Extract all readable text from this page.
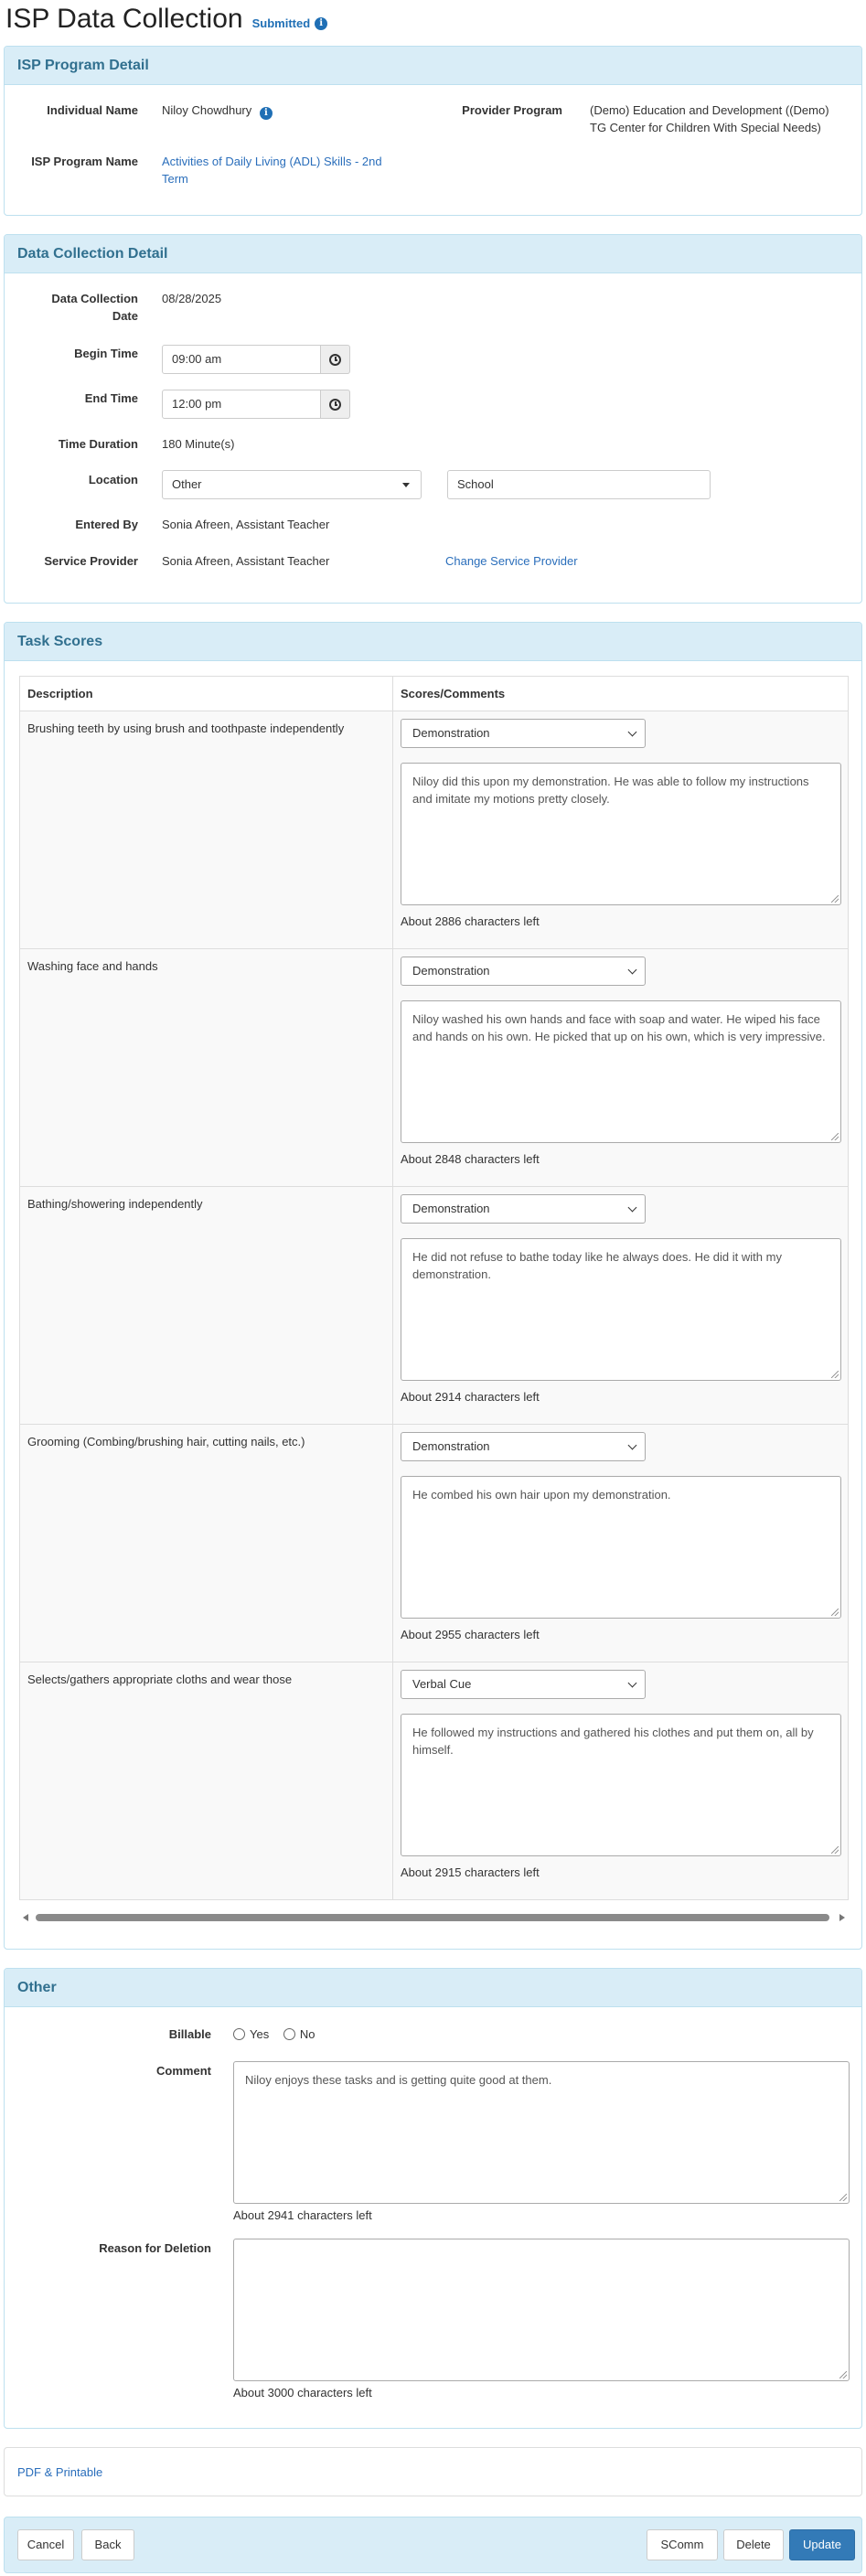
ISP Data Collection Submitted	i
ISP Program Detail
Individual Name Niloy Chowdhury i	Provider Program (Demo) Education and Development ((Demo)
TG Center for Children With Special Needs)
ISP Program Name Activities of Daily Living (ADL) Skills - 2nd
Term
Data Collection Detail
Data Collection
Date
08/28/2025
Begin Time	09:00 am
End Time	12:00 pm
Time Duration 180 Minute(s)
Location	Other	School
Entered By Sonia Afreen, Assistant Teacher
Service Provider Sonia Afreen, Assistant Teacher	Change Service Provider
Task Scores
Description	Scores/Comments

Brushing teeth by using brush and toothpaste independently	Demonstration
Niloy did this upon my demonstration. He was able to follow my instructions and imitate my motions pretty closely.
About 2886 characters left

Washing face and hands	Demonstration
Niloy washed his own hands and face with soap and water. He wiped his face and hands on his own. He picked that up on his own, which is very impressive.
About 2848 characters left

Bathing/showering independently	Demonstration
He did not refuse to bathe today like he always does. He did it with my demonstration.
About 2914 characters left

Grooming (Combing/brushing hair, cutting nails, etc.)	Demonstration
He combed his own hair upon my demonstration.
About 2955 characters left

Selects/gathers appropriate cloths and wear those	Verbal Cue
He followed my instructions and gathered his clothes and put them on, all by himself.
About 2915 characters left
Other
Billable	Yes	No
Comment
Niloy enjoys these tasks and is getting quite good at them.
About 2941 characters left
Reason for Deletion
About 3000 characters left
PDF & Printable
Cancel	Back	SComm	Delete	Update
